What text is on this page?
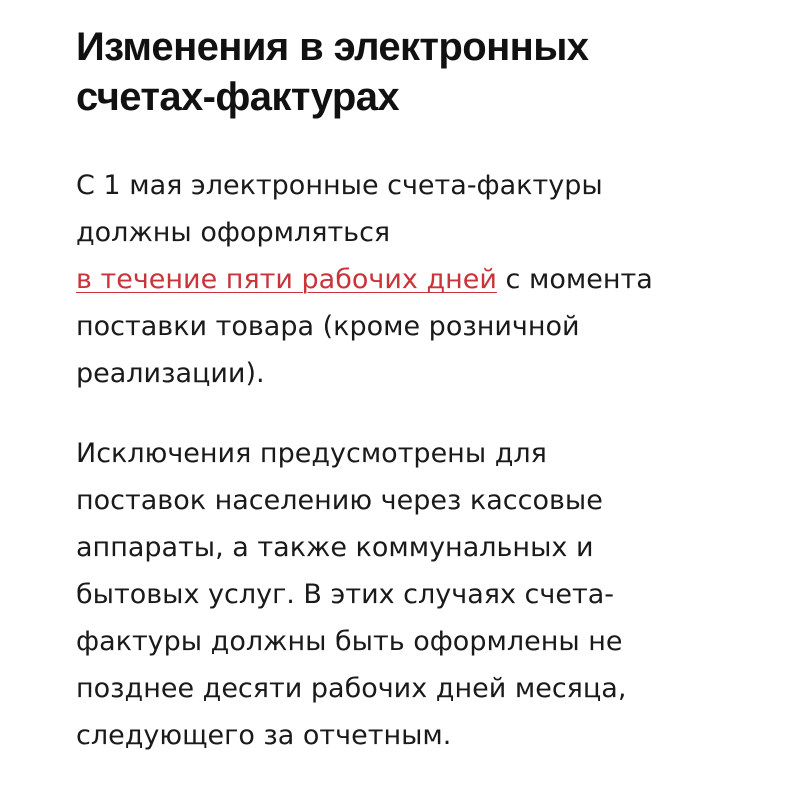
Изменения в электронных
счетах-фактурах

С 1 мая электронные счета-фактуры
должны оформляться
в течение пяти рабочих дней с момента
поставки товара (кроме розничной
реализации).

Исключения предусмотрены для
поставок населению через кассовые
аппараты, а также коммунальных и
бытовых услуг. В этих случаях счета-
фактуры должны быть оформлены не
позднее десяти рабочих дней месяца,
следующего за отчетным.
